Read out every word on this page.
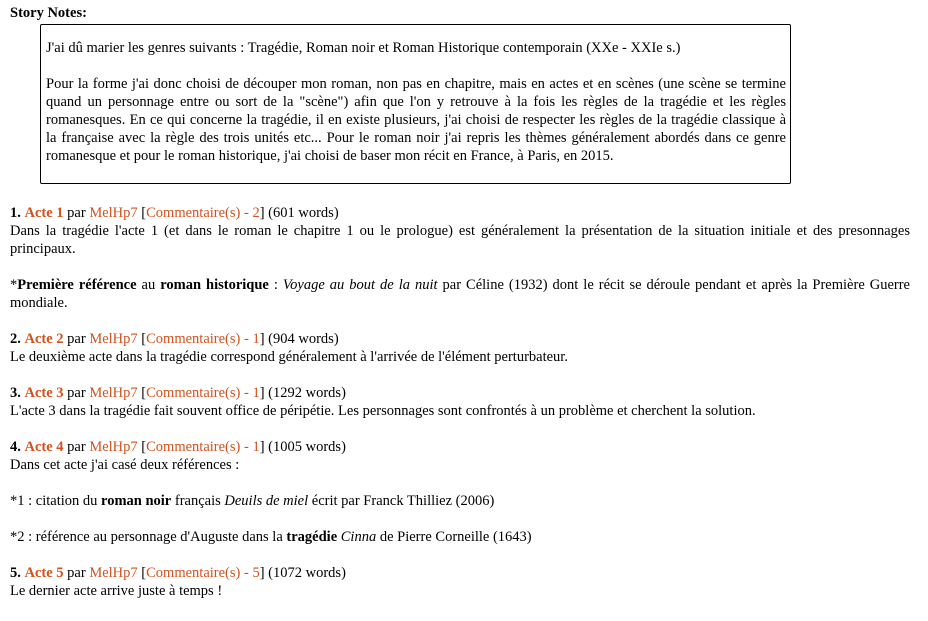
Story Notes:

J'ai dû marier les genres suivants : Tragédie, Roman noir et Roman Historique contemporain (XXe - XXIe s.)

Pour la forme j'ai donc choisi de découper mon roman, non pas en chapitre, mais en actes et en scènes (une scène se termine quand un personnage entre ou sort de la "scène") afin que l'on y retrouve à la fois les règles de la tragédie et les règles romanesques. En ce qui concerne la tragédie, il en existe plusieurs, j'ai choisi de respecter les règles de la tragédie classique à la française avec la règle des trois unités etc... Pour le roman noir j'ai repris les thèmes généralement abordés dans ce genre romanesque et pour le roman historique, j'ai choisi de baser mon récit en France, à Paris, en 2015.

1. Acte 1 par MelHp7 [Commentaire(s) - 2] (601 words)

Dans la tragédie l'acte 1 (et dans le roman le chapitre 1 ou le prologue) est généralement la présentation de la situation initiale et des presonnages principaux.

*Première référence au roman historique : Voyage au bout de la nuit par Céline (1932) dont le récit se déroule pendant et après la Première Guerre mondiale.

2. Acte 2 par MelHp7 [Commentaire(s) - 1] (904 words)

Le deuxième acte dans la tragédie correspond généralement à l'arrivée de l'élément perturbateur.

3. Acte 3 par MelHp7 [Commentaire(s) - 1] (1292 words)

L'acte 3 dans la tragédie fait souvent office de péripétie. Les personnages sont confrontés à un problème et cherchent la solution.

4. Acte 4 par MelHp7 [Commentaire(s) - 1] (1005 words)

Dans cet acte j'ai casé deux références :

*1 : citation du roman noir français Deuils de miel écrit par Franck Thilliez (2006)

*2 : référence au personnage d'Auguste dans la tragédie Cinna de Pierre Corneille (1643)

5. Acte 5 par MelHp7 [Commentaire(s) - 5] (1072 words)

Le dernier acte arrive juste à temps !
